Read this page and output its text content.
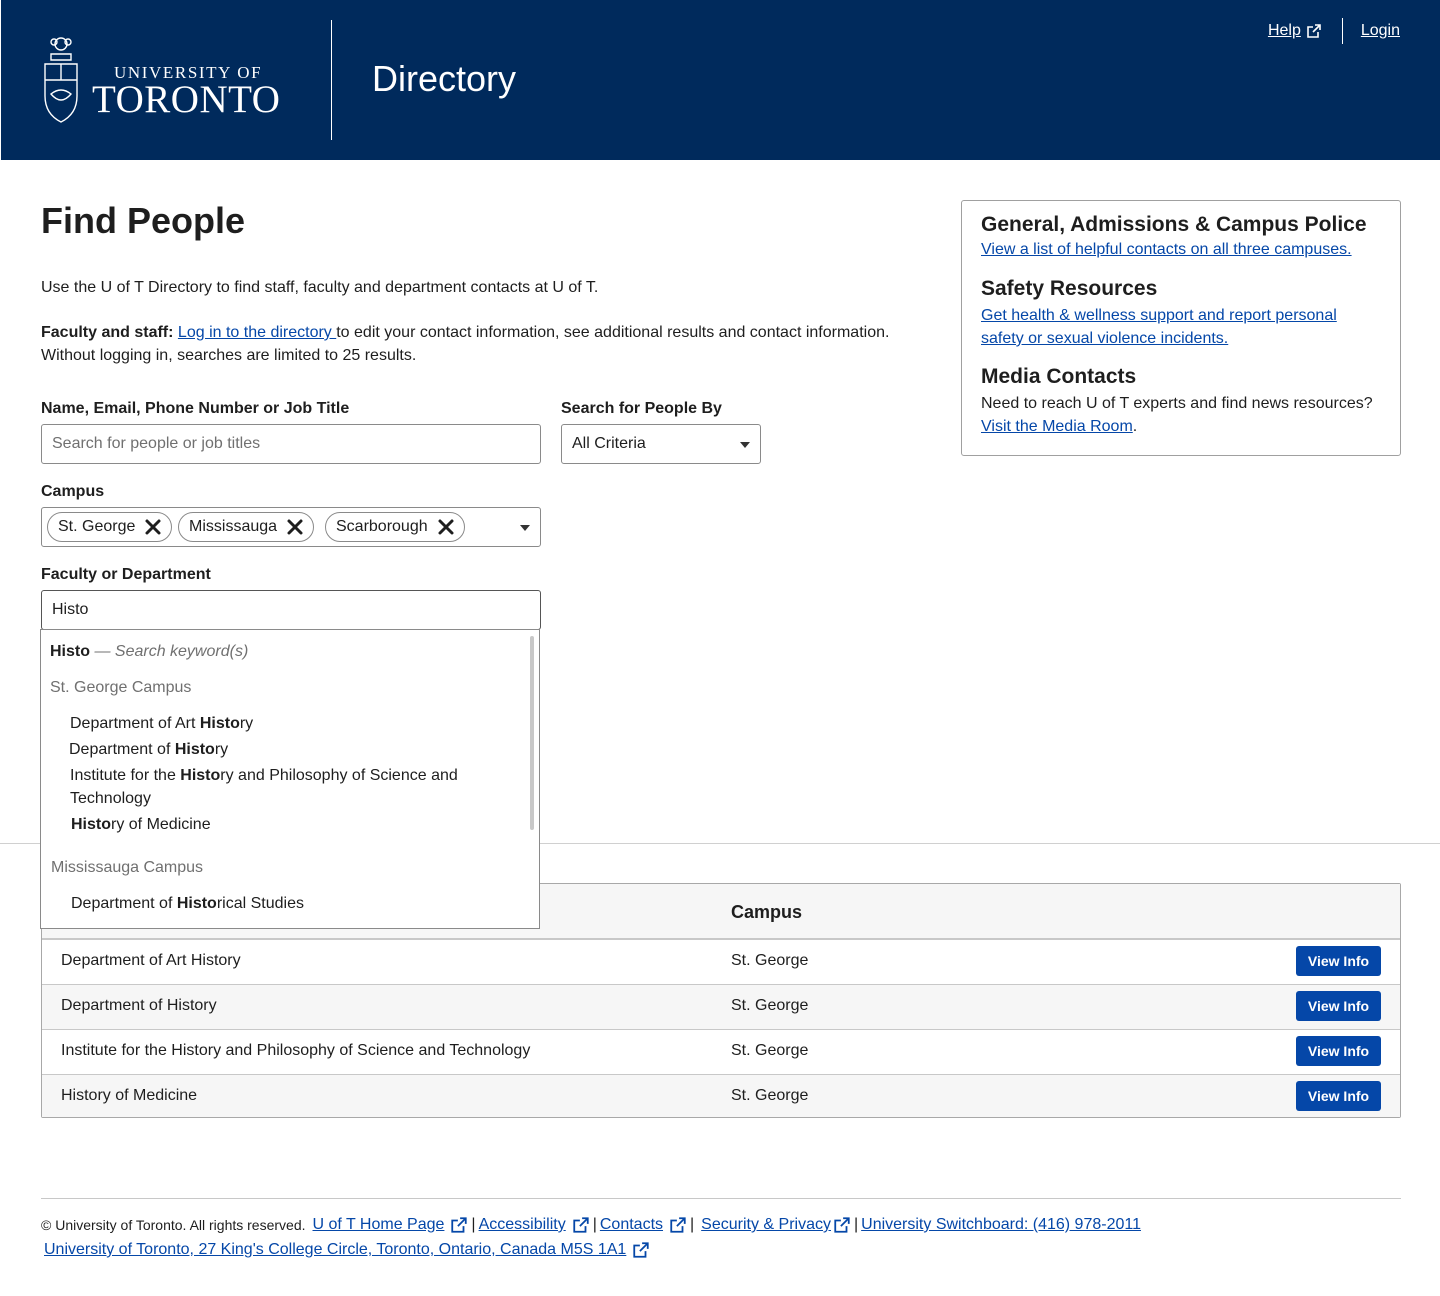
UNIVERSITY OF
TORONTO	Directory
Help	Login
Find People

Use the U of T Directory to find staff, faculty and department contacts at U of T.

Faculty and staff: Log in to the directory to edit your contact information, see additional results and contact information.
Without logging in, searches are limited to 25 results.

Name, Email, Phone Number or Job Title
Search for people or job titles	Search for People By
All Criteria
Campus
St. George	Mississauga	Scarborough
Faculty or Department
Histo
Histo — Search keyword(s)
St. George Campus
Department of Art History
Department of History
Institute for the History and Philosophy of Science and
Technology
History of Medicine
Mississauga Campus
Department of Historical Studies
General, Admissions & Campus Police

View a list of helpful contacts on all three campuses.

Safety Resources

Get health & wellness support and report personal
safety or sexual violence incidents.

Media Contacts

Need to reach U of T experts and find news resources?

Visit the Media Room.

Campus
Department of Art History	St. George	View Info
Department of History	St. George	View Info
Institute for the History and Philosophy of Science and Technology	St. George	View Info
History of Medicine	St. George	View Info
© University of Toronto. All rights reserved. U of T Home Page | Accessibility | Contacts | Security & Privacy | University Switchboard: (416) 978-2011
University of Toronto, 27 King's College Circle, Toronto, Ontario, Canada M5S 1A1
